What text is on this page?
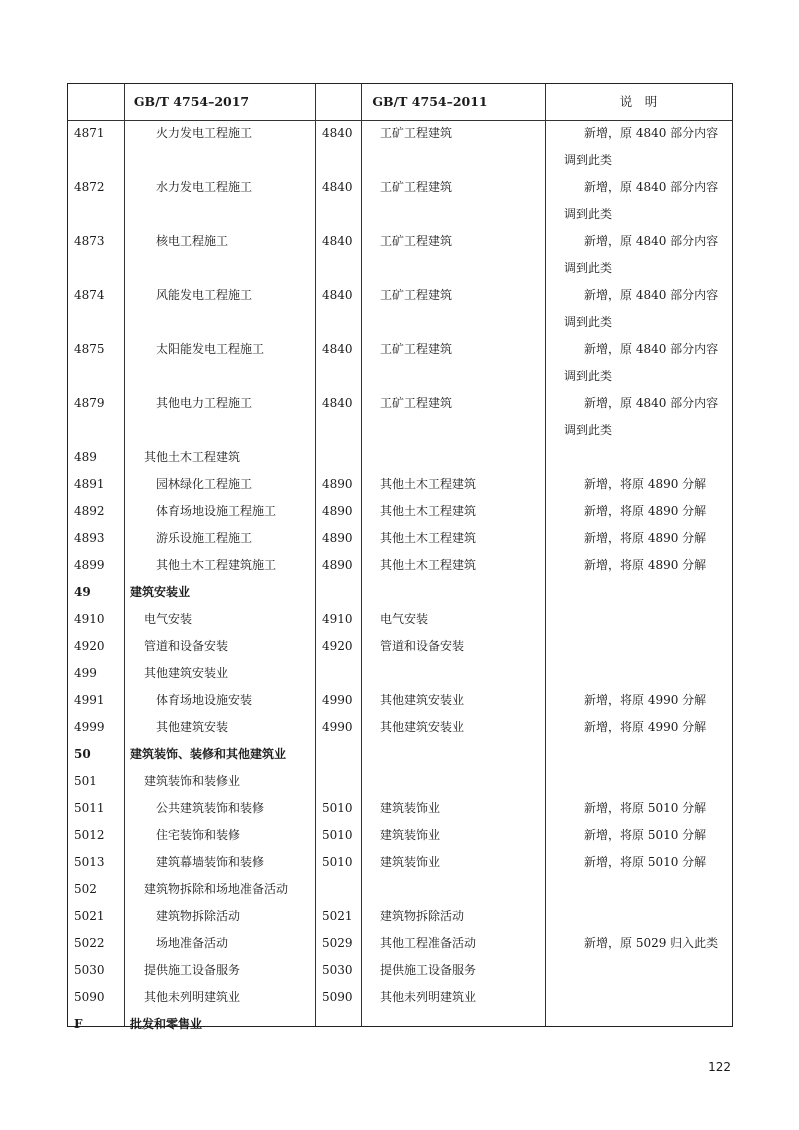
GB/T 4754–2017	GB/T 4754–2011	说　明
4871	火力发电工程施工	4840 工矿工程建筑	新增，原 4840 部分内容调到此类
4872	水力发电工程施工	4840 工矿工程建筑	新增，原 4840 部分内容调到此类
4873	核电工程施工	4840 工矿工程建筑	新增，原 4840 部分内容调到此类
4874	风能发电工程施工	4840 工矿工程建筑	新增，原 4840 部分内容调到此类
4875	太阳能发电工程施工	4840 工矿工程建筑	新增，原 4840 部分内容调到此类
4879	其他电力工程施工	4840 工矿工程建筑	新增，原 4840 部分内容调到此类
489	其他土木工程建筑
4891	园林绿化工程施工	4890 其他土木工程建筑	新增，将原 4890 分解
4892	体育场地设施工程施工	4890 其他土木工程建筑	新增，将原 4890 分解
4893	游乐设施工程施工	4890 其他土木工程建筑	新增，将原 4890 分解
4899	其他土木工程建筑施工	4890 其他土木工程建筑	新增，将原 4890 分解
49	建筑安装业
4910	电气安装	4910 电气安装
4920	管道和设备安装	4920 管道和设备安装
499	其他建筑安装业
4991	体育场地设施安装	4990 其他建筑安装业	新增，将原 4990 分解
4999	其他建筑安装	4990 其他建筑安装业	新增，将原 4990 分解
50	建筑装饰、装修和其他建筑业
501	建筑装饰和装修业
5011	公共建筑装饰和装修	5010 建筑装饰业	新增，将原 5010 分解
5012	住宅装饰和装修	5010 建筑装饰业	新增，将原 5010 分解
5013	建筑幕墙装饰和装修	5010 建筑装饰业	新增，将原 5010 分解
502	建筑物拆除和场地准备活动
5021	建筑物拆除活动	5021 建筑物拆除活动
5022	场地准备活动	5029 其他工程准备活动	新增，原 5029 归入此类
5030	提供施工设备服务	5030 提供施工设备服务
5090	其他未列明建筑业	5090 其他未列明建筑业
F	批发和零售业
122
